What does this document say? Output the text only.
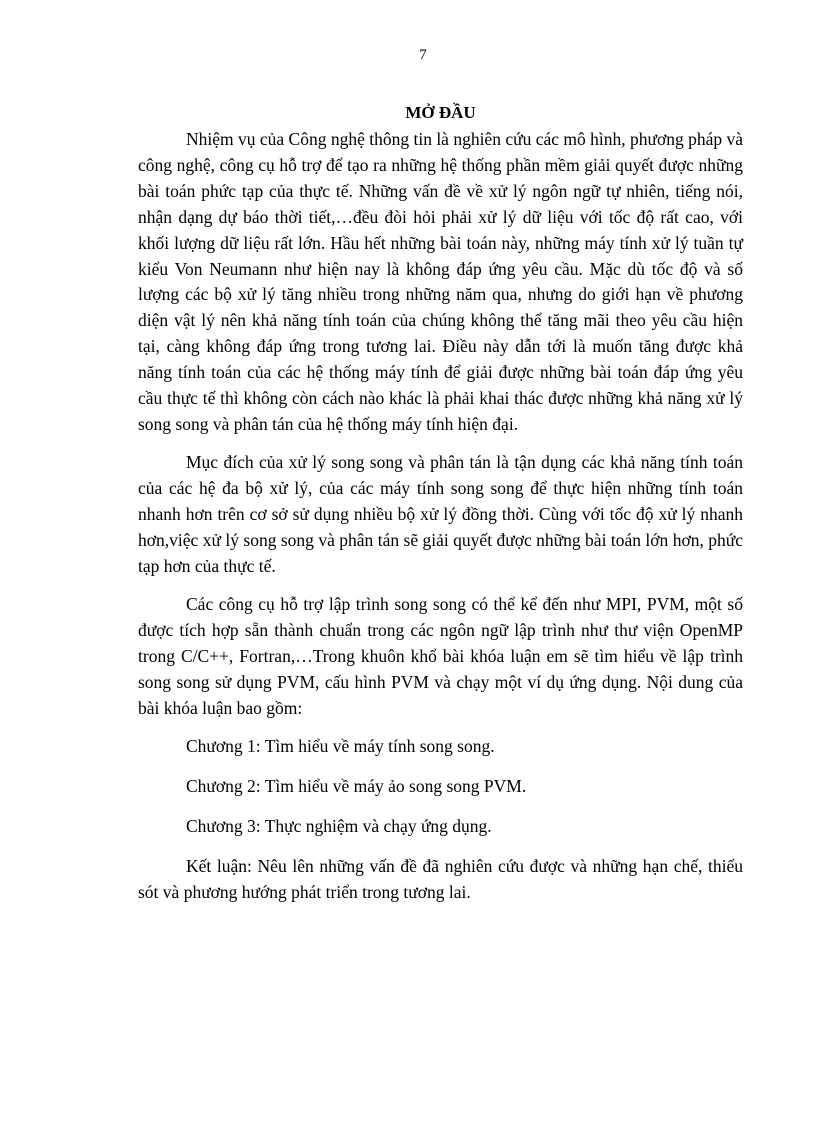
7
MỞ ĐẦU

Nhiệm vụ của Công nghệ thông tin là nghiên cứu các mô hình, phương pháp và công nghệ, công cụ hỗ trợ để tạo ra những hệ thống phần mềm giải quyết được những bài toán phức tạp của thực tế. Những vấn đề về xử lý ngôn ngữ tự nhiên, tiếng nói, nhận dạng dự báo thời tiết,…đều đòi hỏi phải xử lý dữ liệu với tốc độ rất cao, với khối lượng dữ liệu rất lớn. Hầu hết những bài toán này, những máy tính xử lý tuần tự kiểu Von Neumann như hiện nay là không đáp ứng yêu cầu. Mặc dù tốc độ và số lượng các bộ xử lý tăng nhiều trong những năm qua, nhưng do giới hạn về phương diện vật lý nên khả năng tính toán của chúng không thể tăng mãi theo yêu cầu hiện tại, càng không đáp ứng trong tương lai. Điều này dẫn tới là muốn tăng được khả năng tính toán của các hệ thống máy tính để giải được những bài toán đáp ứng yêu cầu thực tế thì không còn cách nào khác là phải khai thác được những khả năng xử lý song song và phân tán của hệ thống máy tính hiện đại.

Mục đích của xử lý song song và phân tán là tận dụng các khả năng tính toán của các hệ đa bộ xử lý, của các máy tính song song để thực hiện những tính toán nhanh hơn trên cơ sở sử dụng nhiều bộ xử lý đồng thời. Cùng với tốc độ xử lý nhanh hơn,việc xử lý song song và phân tán sẽ giải quyết được những bài toán lớn hơn, phức tạp hơn của thực tế.

Các công cụ hỗ trợ lập trình song song có thể kể đến như MPI, PVM, một số được tích hợp sẵn thành chuẩn trong các ngôn ngữ lập trình như thư viện OpenMP trong C/C++, Fortran,…Trong khuôn khổ bài khóa luận em sẽ tìm hiểu về lập trình song song sử dụng PVM, cấu hình PVM và chạy một ví dụ ứng dụng. Nội dung của bài khóa luận bao gồm:

Chương 1: Tìm hiểu về máy tính song song.

Chương 2: Tìm hiểu về máy ảo song song PVM.

Chương 3: Thực nghiệm và chạy ứng dụng.

Kết luận: Nêu lên những vấn đề đã nghiên cứu được và những hạn chế, thiếu sót và phương hướng phát triển trong tương lai.
